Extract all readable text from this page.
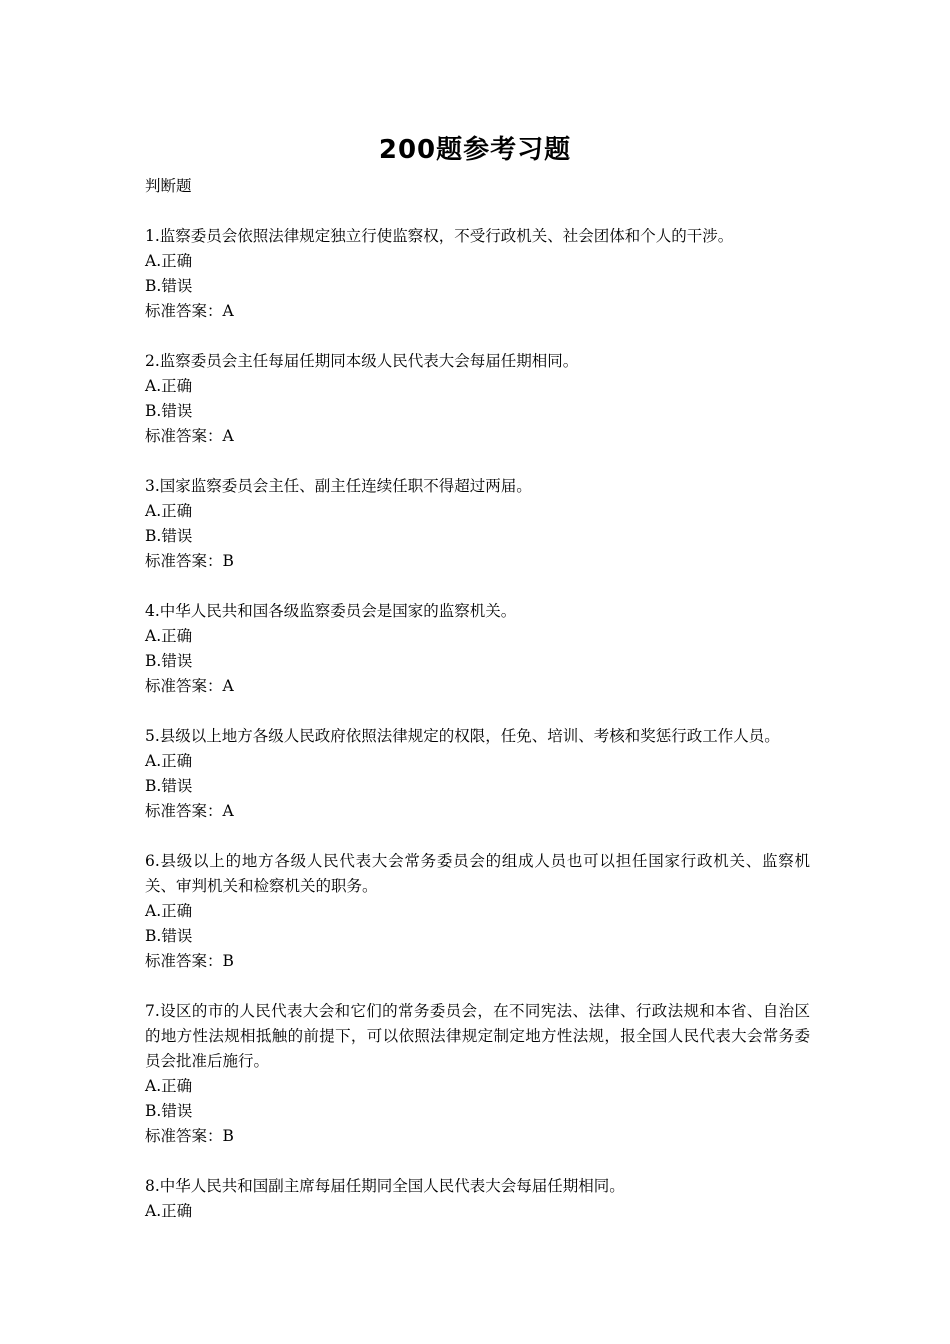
200题参考习题

判断题

1.监察委员会依照法律规定独立行使监察权，不受行政机关、社会团体和个人的干涉。

A.正确

B.错误

标准答案：A

2.监察委员会主任每届任期同本级人民代表大会每届任期相同。

A.正确

B.错误

标准答案：A

3.国家监察委员会主任、副主任连续任职不得超过两届。

A.正确

B.错误

标准答案：B

4.中华人民共和国各级监察委员会是国家的监察机关。

A.正确

B.错误

标准答案：A

5.县级以上地方各级人民政府依照法律规定的权限，任免、培训、考核和奖惩行政工作人员。

A.正确

B.错误

标准答案：A

6.县级以上的地方各级人民代表大会常务委员会的组成人员也可以担任国家行政机关、监察机关、审判机关和检察机关的职务。

A.正确

B.错误

标准答案：B

7.设区的市的人民代表大会和它们的常务委员会，在不同宪法、法律、行政法规和本省、自治区的地方性法规相抵触的前提下，可以依照法律规定制定地方性法规，报全国人民代表大会常务委员会批准后施行。

A.正确

B.错误

标准答案：B

8.中华人民共和国副主席每届任期同全国人民代表大会每届任期相同。

A.正确
